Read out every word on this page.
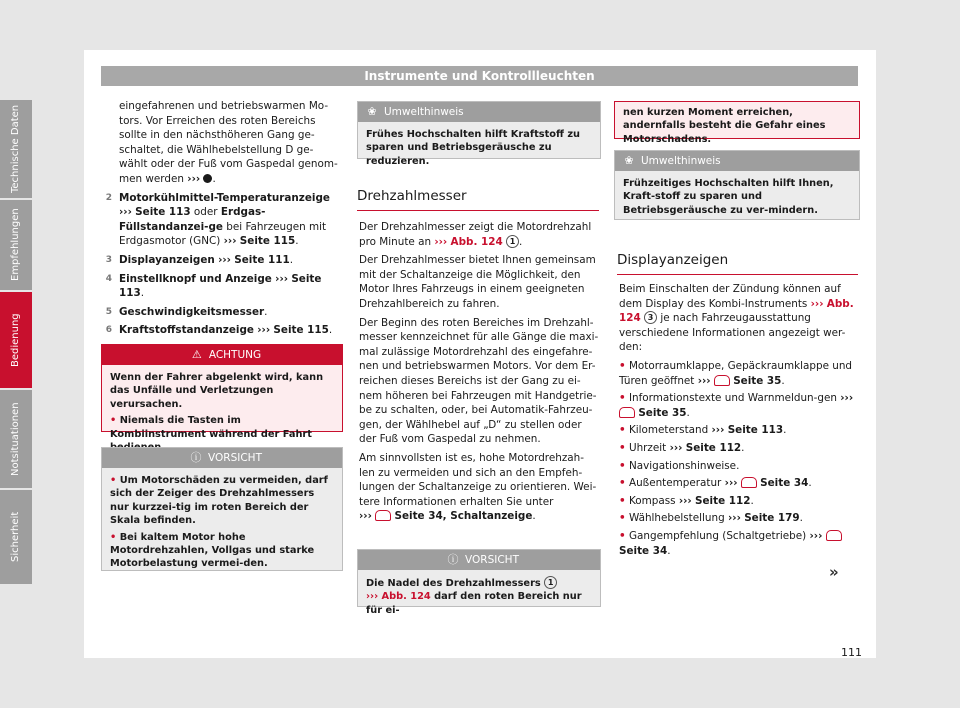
Instrumente und Kontrollleuchten

eingefahrenen und betriebswarmen Mo-tors. Vor Erreichen des roten Bereichs sollte in den nächsthöheren Gang ge-schaltet, die Wählhebelstellung D ge-wählt oder der Fuß vom Gaspedal genom-men werden ››› .

2 Motorkühlmittel-Temperaturanzeige
››› Seite 113 oder Erdgas-Füllstandanzei-ge bei Fahrzeugen mit Erdgasmotor (GNC) ››› Seite 115.
3 Displayanzeigen ››› Seite 111.
4 Einstellknopf und Anzeige ››› Seite 113.
5 Geschwindigkeitsmesser.
6 Kraftstoffstandanzeige ››› Seite 115.
⚠ ACHTUNG
Wenn der Fahrer abgelenkt wird, kann das Unfälle und Verletzungen verursachen.
• Niemals die Tasten im Kombiinstrument während der Fahrt
ⓘ VORSICHT
• Um Motorschäden zu vermeiden, darf sich der Zeiger des Drehzahlmessers nur kurzzei-tig im roten Bereich der Skala befinden.
• Bei kaltem Motor hohe Motordrehzahlen, Vollgas und starke Motorbelastung vermei-den.
❀ Umwelthinweis
Frühes Hochschalten hilft Kraftstoff zu sparen und Betriebsgeräusche zu reduzieren.
Drehzahlmesser

Der Drehzahlmesser zeigt die Motordrehzahl pro Minute an ››› Abb. 124 1 .

Der Drehzahlmesser bietet Ihnen gemeinsam mit der Schaltanzeige die Möglichkeit, den Motor Ihres Fahrzeugs in einem geeigneten Drehzahlbereich zu fahren.

Der Beginn des roten Bereiches im Drehzahl-messer kennzeichnet für alle Gänge die maxi-mal zulässige Motordrehzahl des eingefahre-nen und betriebswarmen Motors. Vor dem Er-reichen dieses Bereichs ist der Gang zu ei-nem höheren bei Fahrzeugen mit Handgetrie-be zu schalten, oder, bei Automatik-Fahrzeu-gen, der Wählhebel auf „D“ zu stellen oder der Fuß vom Gaspedal zu nehmen.

Am sinnvollsten ist es, hohe Motordrehzah-len zu vermeiden und sich an den Empfeh-lungen der Schaltanzeige zu orientieren. Wei-tere Informationen erhalten Sie unter
››› Seite 34, Schaltanzeige.

ⓘ VORSICHT
Die Nadel des Drehzahlmessers 1
››› Abb. 124 darf den roten Bereich nur für ei-
nen kurzen Moment erreichen, andernfalls besteht die Gefahr eines Motorschadens.
❀ Umwelthinweis
Frühzeitiges Hochschalten hilft Ihnen, Kraft-stoff zu sparen und Betriebsgeräusche zu ver-mindern.
Displayanzeigen

Beim Einschalten der Zündung können auf dem Display des Kombi-Instruments ››› Abb. 124 3 je nach Fahrzeugausstattung verschiedene Informationen angezeigt wer-den:

• Motorraumklappe, Gepäckraumklappe und Türen geöffnet ››› Seite 35.
• Informationstexte und Warnmeldun-gen ›››  Seite 35.
• Kilometerstand ››› Seite 113.
• Uhrzeit ››› Seite 112.
• Navigationshinweise.
• Außentemperatur ››› Seite 34.
• Kompass ››› Seite 112.
• Wählhebelstellung ››› Seite 179.
• Gangempfehlung (Schaltgetriebe) ›››  Seite 34.
»
Technische Daten
Empfehlungen
Bedienung
Notsituationen
Sicherheit
111
